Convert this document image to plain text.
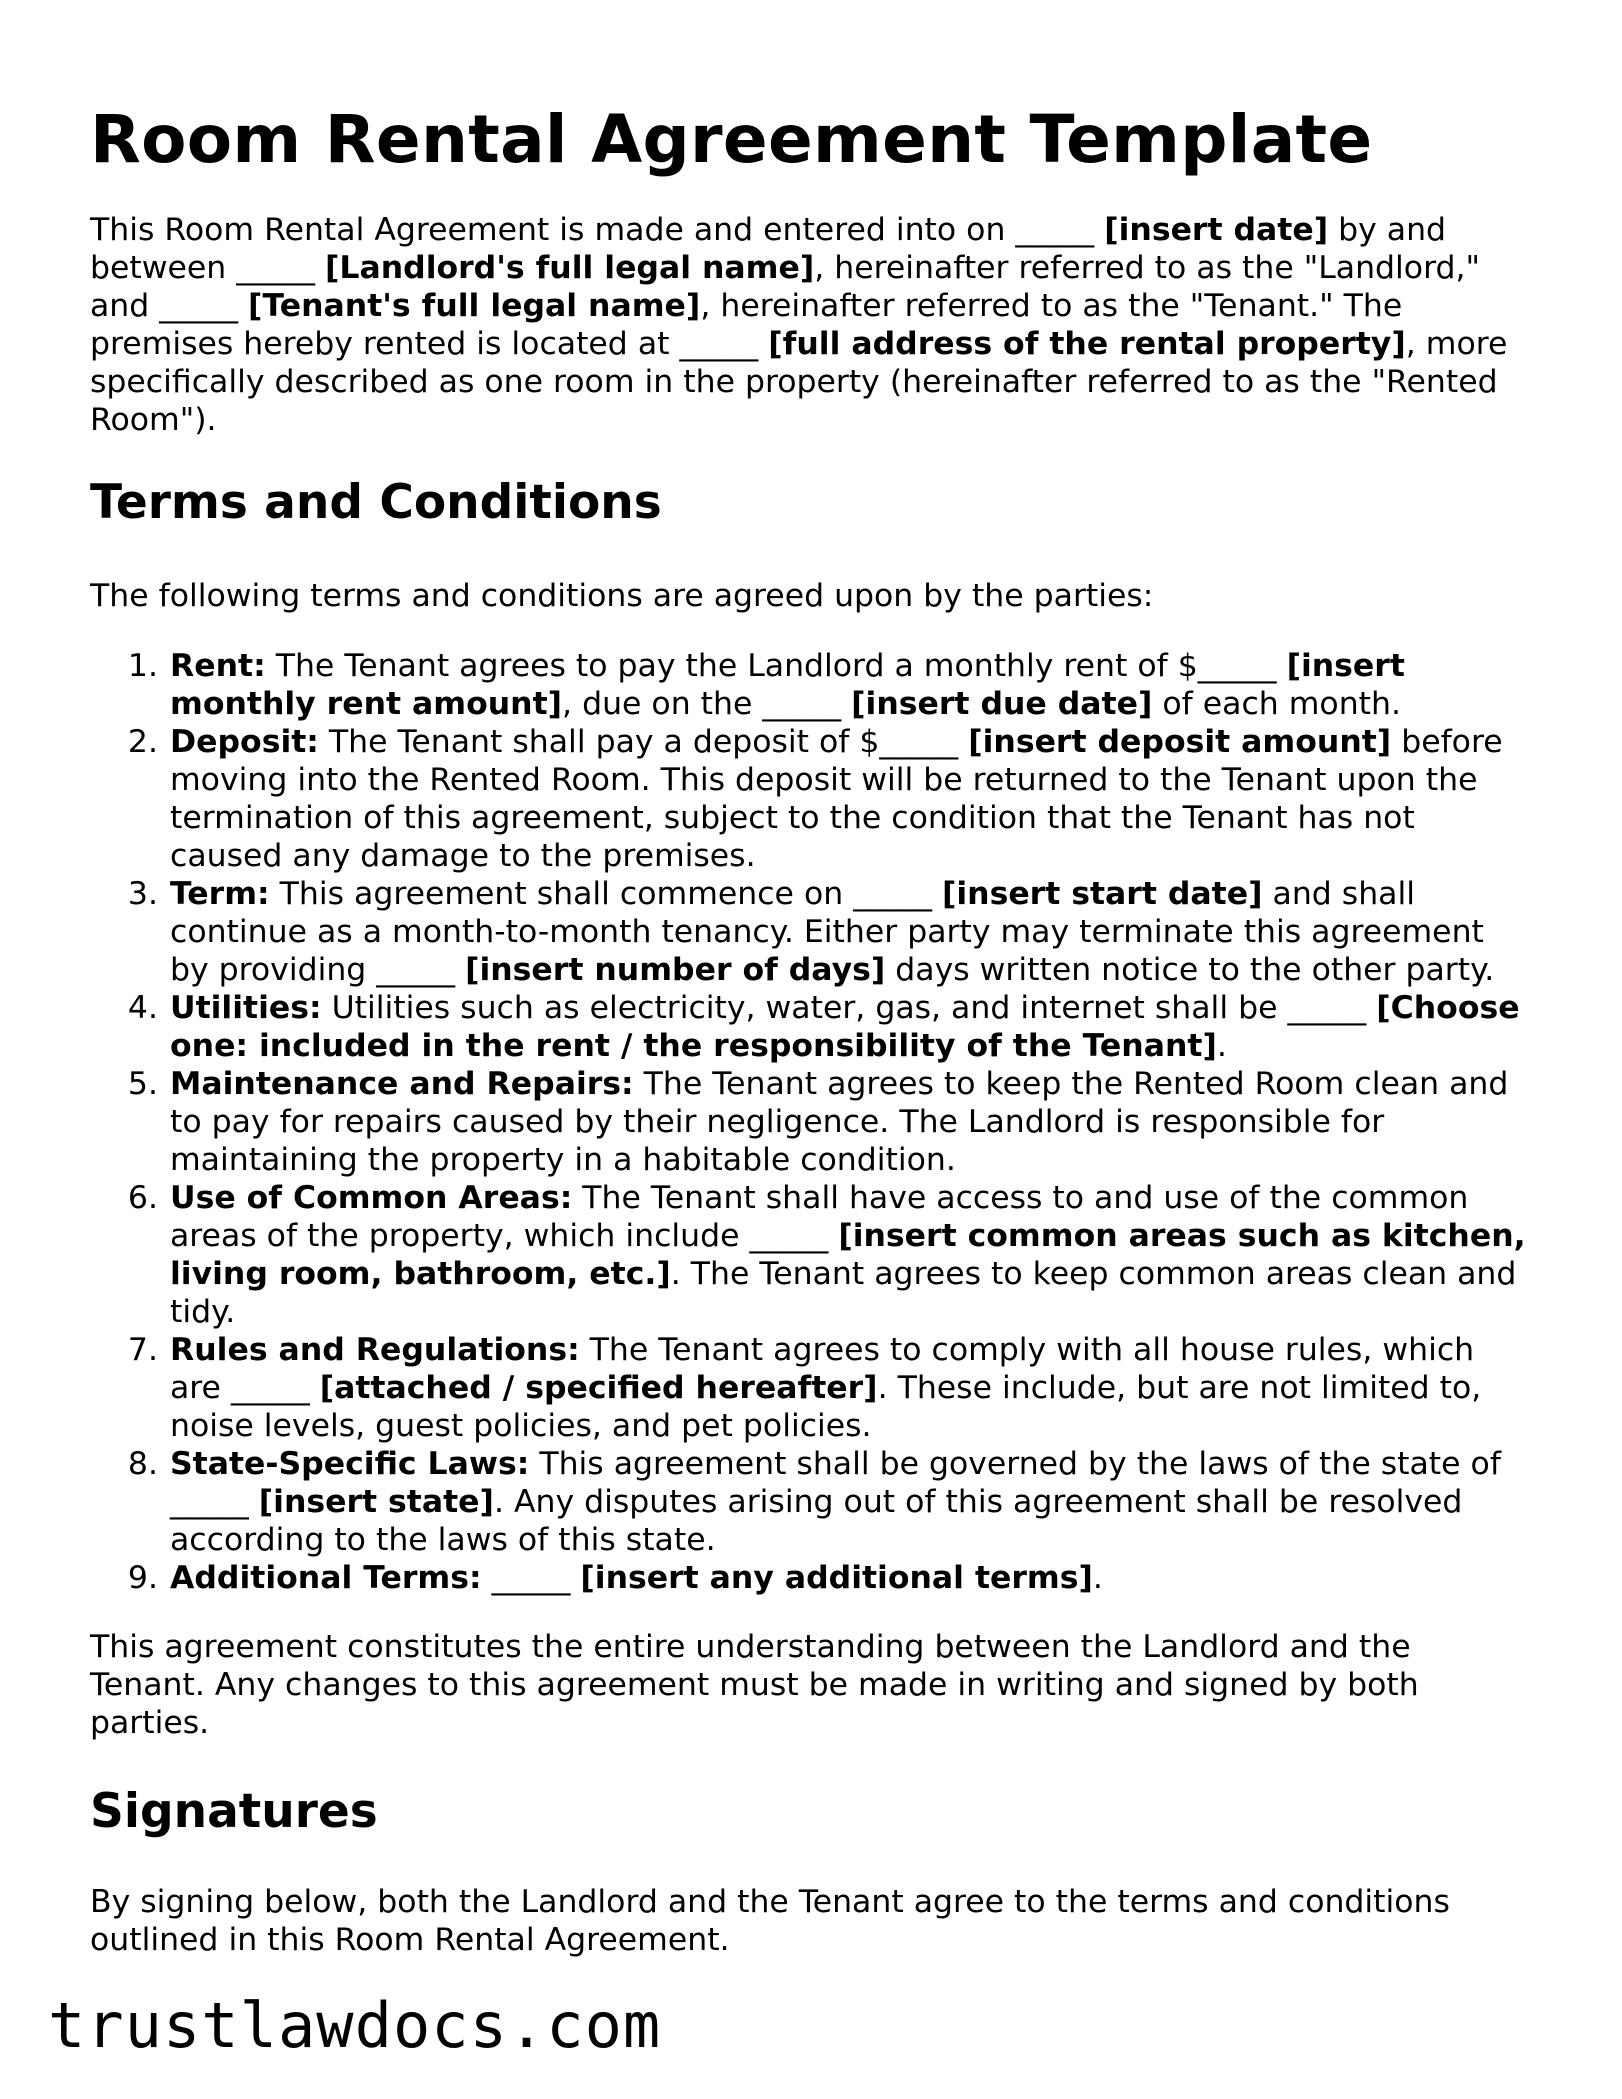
Room Rental Agreement Template

This Room Rental Agreement is made and entered into on _____ [insert date] by and between _____ [Landlord's full legal name], hereinafter referred to as the "Landlord," and _____ [Tenant's full legal name], hereinafter referred to as the "Tenant." The premises hereby rented is located at _____ [full address of the rental property], more specifically described as one room in the property (hereinafter referred to as the "Rented Room").

Terms and Conditions

The following terms and conditions are agreed upon by the parties:

1. Rent: The Tenant agrees to pay the Landlord a monthly rent of $_____ [insert monthly rent amount], due on the _____ [insert due date] of each month.
2. Deposit: The Tenant shall pay a deposit of $_____ [insert deposit amount] before moving into the Rented Room. This deposit will be returned to the Tenant upon the termination of this agreement, subject to the condition that the Tenant has not caused any damage to the premises.
3. Term: This agreement shall commence on _____ [insert start date] and shall continue as a month-to-month tenancy. Either party may terminate this agreement by providing _____ [insert number of days] days written notice to the other party.
4. Utilities: Utilities such as electricity, water, gas, and internet shall be _____ [Choose one: included in the rent / the responsibility of the Tenant].
5. Maintenance and Repairs: The Tenant agrees to keep the Rented Room clean and to pay for repairs caused by their negligence. The Landlord is responsible for maintaining the property in a habitable condition.
6. Use of Common Areas: The Tenant shall have access to and use of the common areas of the property, which include _____ [insert common areas such as kitchen, living room, bathroom, etc.]. The Tenant agrees to keep common areas clean and tidy.
7. Rules and Regulations: The Tenant agrees to comply with all house rules, which are _____ [attached / specified hereafter]. These include, but are not limited to, noise levels, guest policies, and pet policies.
8. State-Specific Laws: This agreement shall be governed by the laws of the state of _____ [insert state]. Any disputes arising out of this agreement shall be resolved according to the laws of this state.
9. Additional Terms: _____ [insert any additional terms].

This agreement constitutes the entire understanding between the Landlord and the Tenant. Any changes to this agreement must be made in writing and signed by both parties.

Signatures

By signing below, both the Landlord and the Tenant agree to the terms and conditions outlined in this Room Rental Agreement.

trustlawdocs.com
